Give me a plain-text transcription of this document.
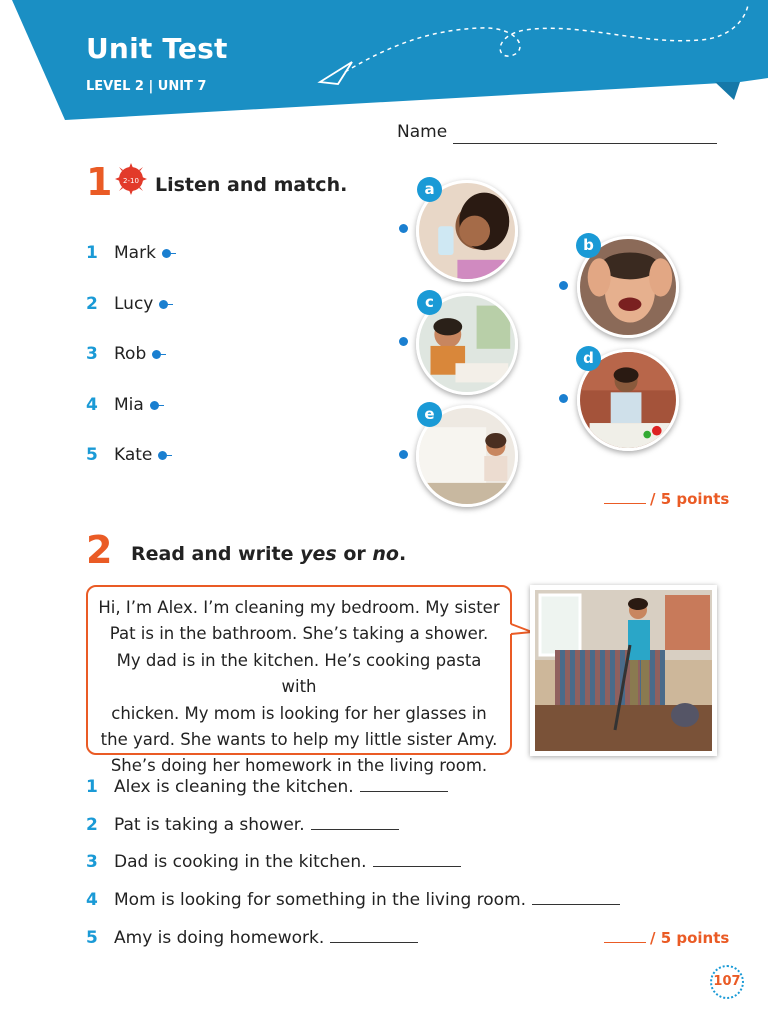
Unit Test
LEVEL 2 | UNIT 7
Name
1 2-10 Listen and match.
1 Mark
2 Lucy
3 Rob
4 Mia
5 Kate
a
b
c
d
e
/ 5 points
2 Read and write yes or no.
Hi, I’m Alex. I’m cleaning my bedroom. My sister
Pat is in the bathroom. She’s taking a shower.
My dad is in the kitchen. He’s cooking pasta with
chicken. My mom is looking for her glasses in
the yard. She wants to help my little sister Amy.
She’s doing her homework in the living room.
1 Alex is cleaning the kitchen.
2 Pat is taking a shower.
3 Dad is cooking in the kitchen.
4 Mom is looking for something in the living room.
5 Amy is doing homework.	/ 5 points
107
